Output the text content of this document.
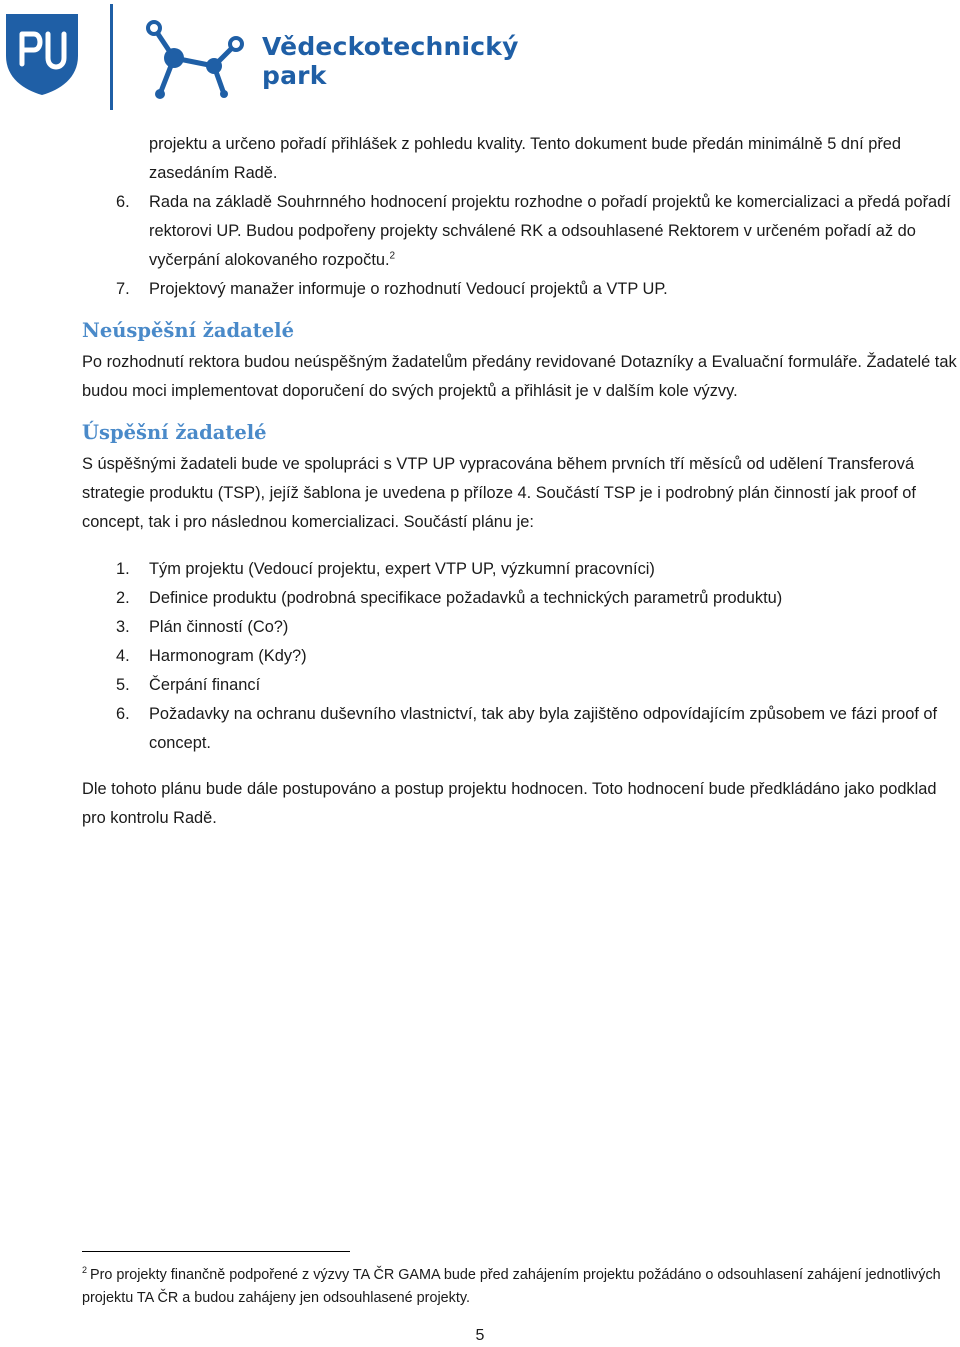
Vědeckotechnický
park
projektu a určeno pořadí přihlášek z pohledu kvality. Tento dokument bude předán minimálně 5 dní před zasedáním Radě.
6. Rada na základě Souhrnného hodnocení projektu rozhodne o pořadí projektů ke komercializaci a předá pořadí rektorovi UP. Budou podpořeny projekty schválené RK a odsouhlasené Rektorem v určeném pořadí až do vyčerpání alokovaného rozpočtu.$^2$
7. Projektový manažer informuje o rozhodnutí Vedoucí projektů a VTP UP.
Neúspěšní žadatelé

Po rozhodnutí rektora budou neúspěšným žadatelům předány revidované Dotazníky a Evaluační formuláře. Žadatelé tak budou moci implementovat doporučení do svých projektů a přihlásit je v dalším kole výzvy.

Úspěšní žadatelé

S úspěšnými žadateli bude ve spolupráci s VTP UP vypracována během prvních tří měsíců od udělení Transferová strategie produktu (TSP), jejíž šablona je uvedena p příloze 4. Součástí TSP je i podrobný plán činností jak proof of concept, tak i pro následnou komercializaci. Součástí plánu je:

1. Tým projektu (Vedoucí projektu, expert VTP UP, výzkumní pracovníci)
2. Definice produktu (podrobná specifikace požadavků a technických parametrů produktu)
3. Plán činností (Co?)
4. Harmonogram (Kdy?)
5. Čerpání financí
6. Požadavky na ochranu duševního vlastnictví, tak aby byla zajištěno odpovídajícím způsobem ve fázi proof of concept.

Dle tohoto plánu bude dále postupováno a postup projektu hodnocen. Toto hodnocení bude předkládáno jako podklad pro kontrolu Radě.

$^2$ Pro projekty finančně podpořené z výzvy TA ČR GAMA bude před zahájením projektu požádáno o odsouhlasení zahájení jednotlivých projektu TA ČR a budou zahájeny jen odsouhlasené projekty.
5
